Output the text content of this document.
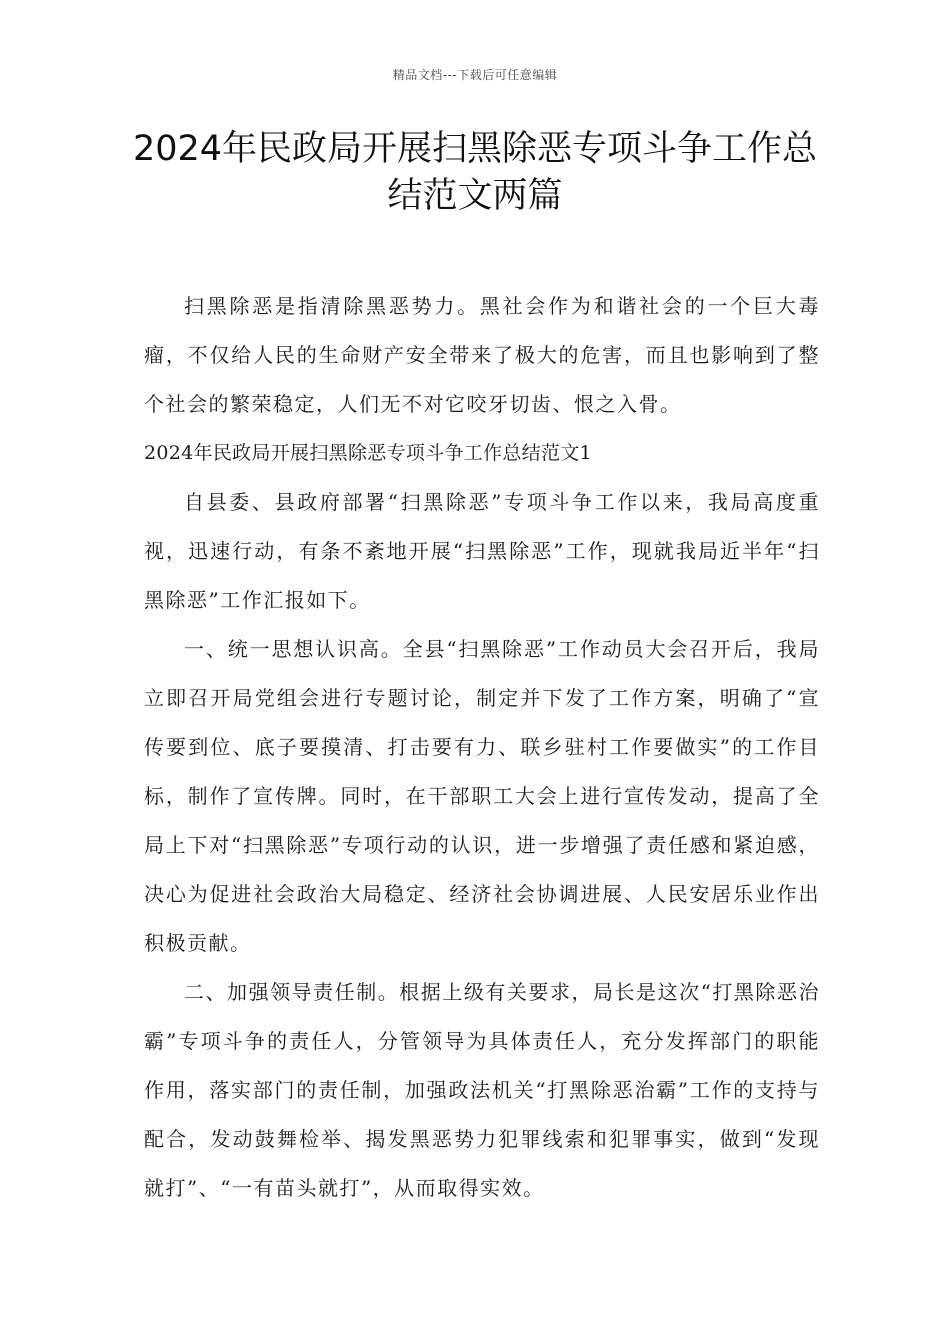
精品文档---下载后可任意编辑
2024年民政局开展扫黑除恶专项斗争工作总结范文两篇

扫黑除恶是指清除黑恶势力。黑社会作为和谐社会的一个巨大毒瘤，不仅给人民的生命财产安全带来了极大的危害，而且也影响到了整个社会的繁荣稳定，人们无不对它咬牙切齿、恨之入骨。

2024年民政局开展扫黑除恶专项斗争工作总结范文1

自县委、县政府部署“扫黑除恶”专项斗争工作以来，我局高度重视，迅速行动，有条不紊地开展“扫黑除恶”工作，现就我局近半年“扫黑除恶”工作汇报如下。

一、统一思想认识高。全县“扫黑除恶”工作动员大会召开后，我局立即召开局党组会进行专题讨论，制定并下发了工作方案，明确了“宣传要到位、底子要摸清、打击要有力、联乡驻村工作要做实”的工作目标，制作了宣传牌。同时，在干部职工大会上进行宣传发动，提高了全局上下对“扫黑除恶”专项行动的认识，进一步增强了责任感和紧迫感，决心为促进社会政治大局稳定、经济社会协调进展、人民安居乐业作出积极贡献。

二、加强领导责任制。根据上级有关要求，局长是这次“打黑除恶治霸”专项斗争的责任人，分管领导为具体责任人，充分发挥部门的职能作用，落实部门的责任制，加强政法机关“打黑除恶治霸”工作的支持与配合，发动鼓舞检举、揭发黑恶势力犯罪线索和犯罪事实，做到“发现就打”、“一有苗头就打”，从而取得实效。
